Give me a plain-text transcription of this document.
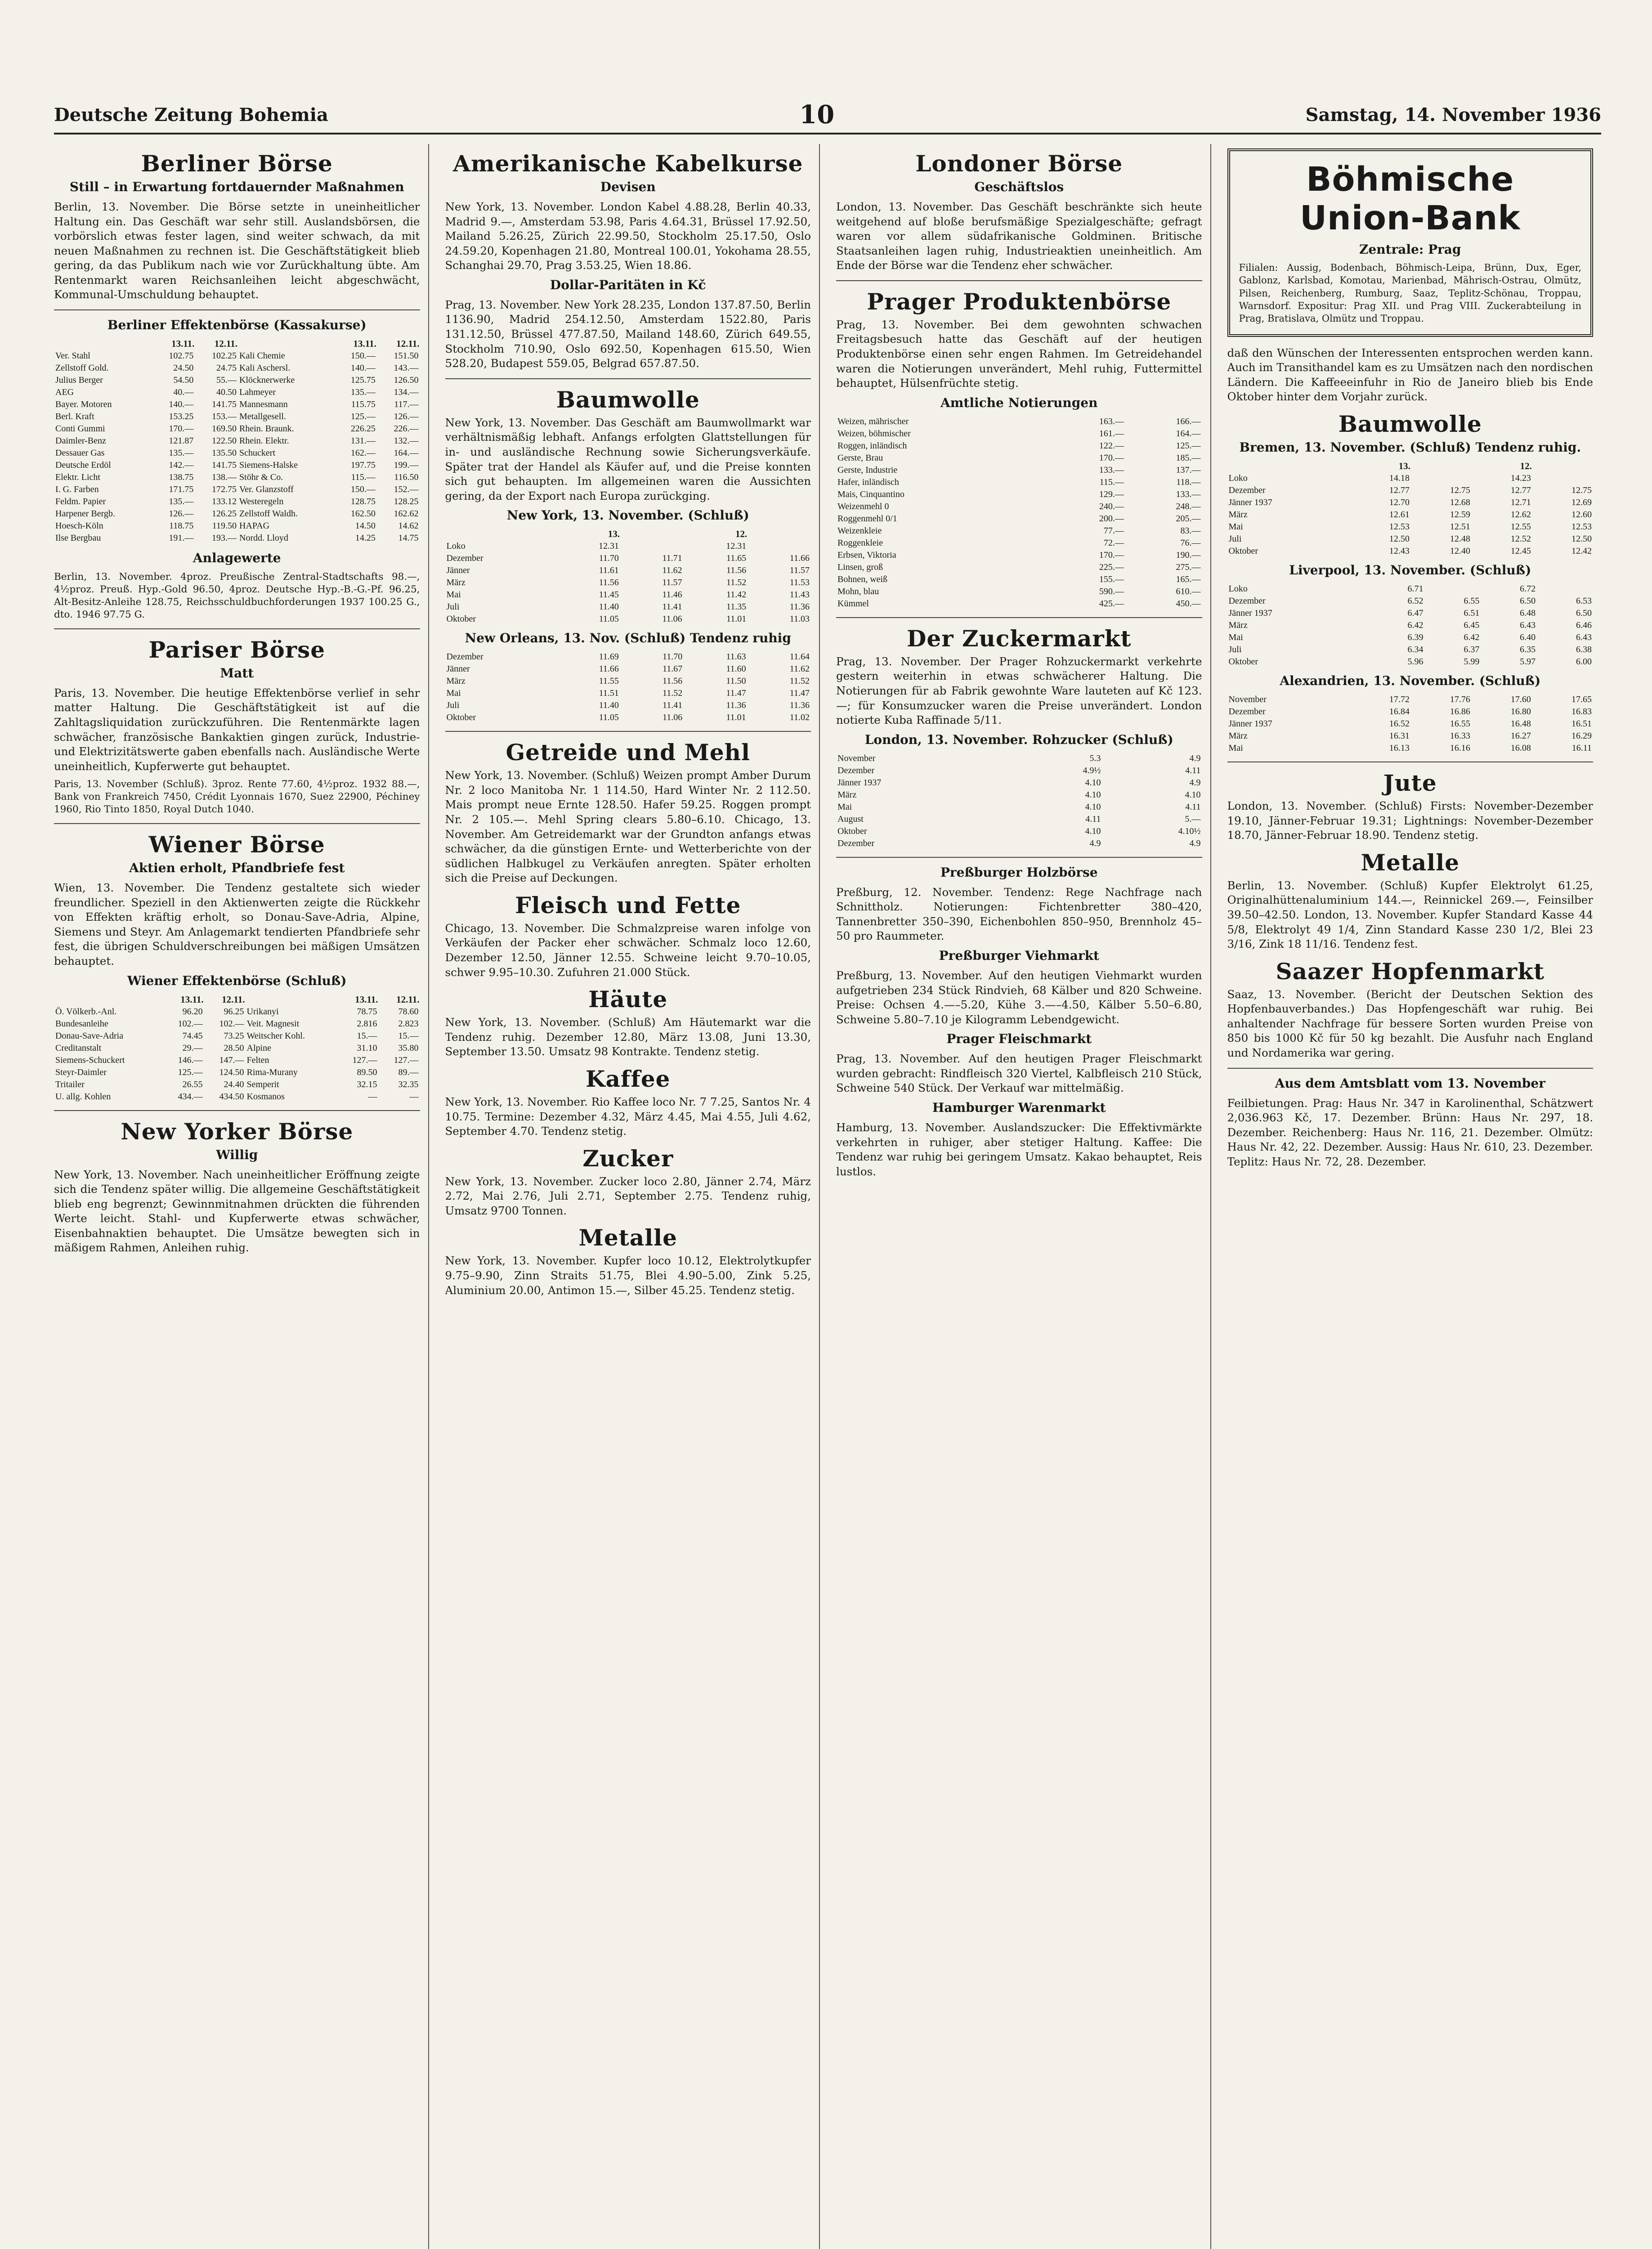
Deutsche Zeitung Bohemia	10	Samstag, 14. November 1936
Berliner Börse
Still – in Erwartung fortdauernder Maßnahmen

Berlin, 13. November. Die Börse setzte in uneinheitlicher Haltung ein. Das Geschäft war sehr still. Auslandsbörsen, die vorbörslich etwas fester lagen, sind weiter schwach, da mit neuen Maßnahmen zu rechnen ist. Die Geschäftstätigkeit blieb gering, da das Publikum nach wie vor Zurückhaltung übte. Am Rentenmarkt waren Reichsanleihen leicht abgeschwächt, Kommunal-Umschuldung behauptet.

Berliner Effektenbörse (Kassakurse)
	13.11.	12.11.		13.11.	12.11.
Ver. Stahl	102.75	102.25	Kali Chemie	150.—	151.50
Zellstoff Gold.	24.50	24.75	Kali Aschersl.	140.—	143.—
Julius Berger	54.50	55.—	Klöcknerwerke	125.75	126.50
AEG	40.—	40.50	Lahmeyer	135.—	134.—
Bayer. Motoren	140.—	141.75	Mannesmann	115.75	117.—
Berl. Kraft	153.25	153.—	Metallgesell.	125.—	126.—
Conti Gummi	170.—	169.50	Rhein. Braunk.	226.25	226.—
Daimler-Benz	121.87	122.50	Rhein. Elektr.	131.—	132.—
Dessauer Gas	135.—	135.50	Schuckert	162.—	164.—
Deutsche Erdöl	142.—	141.75	Siemens-Halske	197.75	199.—
Elektr. Licht	138.75	138.—	Stöhr & Co.	115.—	116.50
I. G. Farben	171.75	172.75	Ver. Glanzstoff	150.—	152.—
Feldm. Papier	135.—	133.12	Westeregeln	128.75	128.25
Harpener Bergb.	126.—	126.25	Zellstoff Waldh.	162.50	162.62
Hoesch-Köln	118.75	119.50	HAPAG	14.50	14.62
Ilse Bergbau	191.—	193.—	Nordd. Lloyd	14.25	14.75
Anlagewerte

Berlin, 13. November. 4proz. Preußische Zentral-Stadtschafts 98.—, 4½proz. Preuß. Hyp.-Gold 96.50, 4proz. Deutsche Hyp.-B.-G.-Pf. 96.25, Alt-Besitz-Anleihe 128.75, Reichsschuldbuchforderungen 1937 100.25 G., dto. 1946 97.75 G.

Pariser Börse
Matt

Paris, 13. November. Die heutige Effektenbörse verlief in sehr matter Haltung. Die Geschäftstätigkeit ist auf die Zahltagsliquidation zurückzuführen. Die Rentenmärkte lagen schwächer, französische Bankaktien gingen zurück, Industrie- und Elektrizitätswerte gaben ebenfalls nach. Ausländische Werte uneinheitlich, Kupferwerte gut behauptet.

Paris, 13. November (Schluß). 3proz. Rente 77.60, 4½proz. 1932 88.—, Bank von Frankreich 7450, Crédit Lyonnais 1670, Suez 22900, Péchiney 1960, Rio Tinto 1850, Royal Dutch 1040.

Wiener Börse
Aktien erholt, Pfandbriefe fest

Wien, 13. November. Die Tendenz gestaltete sich wieder freundlicher. Speziell in den Aktienwerten zeigte die Rückkehr von Effekten kräftig erholt, so Donau-Save-Adria, Alpine, Siemens und Steyr. Am Anlagemarkt tendierten Pfandbriefe sehr fest, die übrigen Schuldverschreibungen bei mäßigen Umsätzen behauptet.

Wiener Effektenbörse (Schluß)
	13.11.	12.11.		13.11.	12.11.
Ö. Völkerb.-Anl.	96.20	96.25	Urikanyi	78.75	78.60
Bundesanleihe	102.—	102.—	Veit. Magnesit	2.816	2.823
Donau-Save-Adria	74.45	73.25	Weitscher Kohl.	15.—	15.—
Creditanstalt	29.—	28.50	Alpine	31.10	35.80
Siemens-Schuckert	146.—	147.—	Felten	127.—	127.—
Steyr-Daimler	125.—	124.50	Rima-Murany	89.50	89.—
Tritailer	26.55	24.40	Semperit	32.15	32.35
U. allg. Kohlen	434.—	434.50	Kosmanos	—	—
New Yorker Börse
Willig

New York, 13. November. Nach uneinheitlicher Eröffnung zeigte sich die Tendenz später willig. Die allgemeine Geschäftstätigkeit blieb eng begrenzt; Gewinnmitnahmen drückten die führenden Werte leicht. Stahl- und Kupferwerte etwas schwächer, Eisenbahnaktien behauptet. Die Umsätze bewegten sich in mäßigem Rahmen, Anleihen ruhig.

Amerikanische Kabelkurse
Devisen

New York, 13. November. London Kabel 4.88.28, Berlin 40.33, Madrid 9.—, Amsterdam 53.98, Paris 4.64.31, Brüssel 17.92.50, Mailand 5.26.25, Zürich 22.99.50, Stockholm 25.17.50, Oslo 24.59.20, Kopenhagen 21.80, Montreal 100.01, Yokohama 28.55, Schanghai 29.70, Prag 3.53.25, Wien 18.86.

Dollar-Paritäten in Kč

Prag, 13. November. New York 28.235, London 137.87.50, Berlin 1136.90, Madrid 254.12.50, Amsterdam 1522.80, Paris 131.12.50, Brüssel 477.87.50, Mailand 148.60, Zürich 649.55, Stockholm 710.90, Oslo 692.50, Kopenhagen 615.50, Wien 528.20, Budapest 559.05, Belgrad 657.87.50.

Baumwolle

New York, 13. November. Das Geschäft am Baumwollmarkt war verhältnismäßig lebhaft. Anfangs erfolgten Glattstellungen für in- und ausländische Rechnung sowie Sicherungsverkäufe. Später trat der Handel als Käufer auf, und die Preise konnten sich gut behaupten. Im allgemeinen waren die Aussichten gering, da der Export nach Europa zurückging.

New York, 13. November. (Schluß)
	13.		12.	
Loko	12.31		12.31	
Dezember	11.70	11.71	11.65	11.66
Jänner	11.61	11.62	11.56	11.57
März	11.56	11.57	11.52	11.53
Mai	11.45	11.46	11.42	11.43
Juli	11.40	11.41	11.35	11.36
Oktober	11.05	11.06	11.01	11.03
New Orleans, 13. Nov. (Schluß) Tendenz ruhig
Dezember	11.69	11.70	11.63	11.64
Jänner	11.66	11.67	11.60	11.62
März	11.55	11.56	11.50	11.52
Mai	11.51	11.52	11.47	11.47
Juli	11.40	11.41	11.36	11.36
Oktober	11.05	11.06	11.01	11.02
Getreide und Mehl

New York, 13. November. (Schluß) Weizen prompt Amber Durum Nr. 2 loco Manitoba Nr. 1 114.50, Hard Winter Nr. 2 112.50. Mais prompt neue Ernte 128.50. Hafer 59.25. Roggen prompt Nr. 2 105.—. Mehl Spring clears 5.80–6.10. Chicago, 13. November. Am Getreidemarkt war der Grundton anfangs etwas schwächer, da die günstigen Ernte- und Wetterberichte von der südlichen Halbkugel zu Verkäufen anregten. Später erholten sich die Preise auf Deckungen.

Fleisch und Fette

Chicago, 13. November. Die Schmalzpreise waren infolge von Verkäufen der Packer eher schwächer. Schmalz loco 12.60, Dezember 12.50, Jänner 12.55. Schweine leicht 9.70–10.05, schwer 9.95–10.30. Zufuhren 21.000 Stück.

Häute

New York, 13. November. (Schluß) Am Häutemarkt war die Tendenz ruhig. Dezember 12.80, März 13.08, Juni 13.30, September 13.50. Umsatz 98 Kontrakte. Tendenz stetig.

Kaffee

New York, 13. November. Rio Kaffee loco Nr. 7 7.25, Santos Nr. 4 10.75. Termine: Dezember 4.32, März 4.45, Mai 4.55, Juli 4.62, September 4.70. Tendenz stetig.

Zucker

New York, 13. November. Zucker loco 2.80, Jänner 2.74, März 2.72, Mai 2.76, Juli 2.71, September 2.75. Tendenz ruhig, Umsatz 9700 Tonnen.

Metalle

New York, 13. November. Kupfer loco 10.12, Elektrolytkupfer 9.75–9.90, Zinn Straits 51.75, Blei 4.90–5.00, Zink 5.25, Aluminium 20.00, Antimon 15.—, Silber 45.25. Tendenz stetig.

Londoner Börse
Geschäftslos

London, 13. November. Das Geschäft beschränkte sich heute weitgehend auf bloße berufsmäßige Spezialgeschäfte; gefragt waren vor allem südafrikanische Goldminen. Britische Staatsanleihen lagen ruhig, Industrieaktien uneinheitlich. Am Ende der Börse war die Tendenz eher schwächer.

Prager Produktenbörse

Prag, 13. November. Bei dem gewohnten schwachen Freitagsbesuch hatte das Geschäft auf der heutigen Produktenbörse einen sehr engen Rahmen. Im Getreidehandel waren die Notierungen unverändert, Mehl ruhig, Futtermittel behauptet, Hülsenfrüchte stetig.

Amtliche Notierungen
Weizen, mährischer	163.—	166.—
Weizen, böhmischer	161.—	164.—
Roggen, inländisch	122.—	125.—
Gerste, Brau	170.—	185.—
Gerste, Industrie	133.—	137.—
Hafer, inländisch	115.—	118.—
Mais, Cinquantino	129.—	133.—
Weizenmehl 0	240.—	248.—
Roggenmehl 0/1	200.—	205.—
Weizenkleie	77.—	83.—
Roggenkleie	72.—	76.—
Erbsen, Viktoria	170.—	190.—
Linsen, groß	225.—	275.—
Bohnen, weiß	155.—	165.—
Mohn, blau	590.—	610.—
Kümmel	425.—	450.—
Der Zuckermarkt

Prag, 13. November. Der Prager Rohzuckermarkt verkehrte gestern weiterhin in etwas schwächerer Haltung. Die Notierungen für ab Fabrik gewohnte Ware lauteten auf Kč 123.—; für Konsumzucker waren die Preise unverändert. London notierte Kuba Raffinade 5/11.

London, 13. November. Rohzucker (Schluß)
November	5.3	4.9
Dezember	4.9½	4.11
Jänner 1937	4.10	4.9
März	4.10	4.10
Mai	4.10	4.11
August	4.11	5.—
Oktober	4.10	4.10½
Dezember	4.9	4.9
Preßburger Holzbörse

Preßburg, 12. November. Tendenz: Rege Nachfrage nach Schnittholz. Notierungen: Fichtenbretter 380–420, Tannenbretter 350–390, Eichenbohlen 850–950, Brennholz 45–50 pro Raummeter.

Preßburger Viehmarkt

Preßburg, 13. November. Auf den heutigen Viehmarkt wurden aufgetrieben 234 Stück Rindvieh, 68 Kälber und 820 Schweine. Preise: Ochsen 4.—–5.20, Kühe 3.—–4.50, Kälber 5.50–6.80, Schweine 5.80–7.10 je Kilogramm Lebendgewicht.

Prager Fleischmarkt

Prag, 13. November. Auf den heutigen Prager Fleischmarkt wurden gebracht: Rindfleisch 320 Viertel, Kalbfleisch 210 Stück, Schweine 540 Stück. Der Verkauf war mittelmäßig.

Hamburger Warenmarkt

Hamburg, 13. November. Auslandszucker: Die Effektivmärkte verkehrten in ruhiger, aber stetiger Haltung. Kaffee: Die Tendenz war ruhig bei geringem Umsatz. Kakao behauptet, Reis lustlos.

Böhmische Union-Bank
Zentrale: Prag
Filialen: Aussig, Bodenbach, Böhmisch-Leipa, Brünn, Dux, Eger, Gablonz, Karlsbad, Komotau, Marienbad, Mährisch-Ostrau, Olmütz, Pilsen, Reichenberg, Rumburg, Saaz, Teplitz-Schönau, Troppau, Warnsdorf. Expositur: Prag XII. und Prag VIII. Zuckerabteilung in Prag, Bratislava, Olmütz und Troppau.

daß den Wünschen der Interessenten entsprochen werden kann. Auch im Transithandel kam es zu Umsätzen nach den nordischen Ländern. Die Kaffeeeinfuhr in Rio de Janeiro blieb bis Ende Oktober hinter dem Vorjahr zurück.

Baumwolle
Bremen, 13. November. (Schluß) Tendenz ruhig.
	13.		12.	
Loko	14.18		14.23	
Dezember	12.77	12.75	12.77	12.75
Jänner 1937	12.70	12.68	12.71	12.69
März	12.61	12.59	12.62	12.60
Mai	12.53	12.51	12.55	12.53
Juli	12.50	12.48	12.52	12.50
Oktober	12.43	12.40	12.45	12.42
Liverpool, 13. November. (Schluß)
Loko	6.71		6.72	
Dezember	6.52	6.55	6.50	6.53
Jänner 1937	6.47	6.51	6.48	6.50
März	6.42	6.45	6.43	6.46
Mai	6.39	6.42	6.40	6.43
Juli	6.34	6.37	6.35	6.38
Oktober	5.96	5.99	5.97	6.00
Alexandrien, 13. November. (Schluß)
November	17.72	17.76	17.60	17.65
Dezember	16.84	16.86	16.80	16.83
Jänner 1937	16.52	16.55	16.48	16.51
März	16.31	16.33	16.27	16.29
Mai	16.13	16.16	16.08	16.11
Jute

London, 13. November. (Schluß) Firsts: November-Dezember 19.10, Jänner-Februar 19.31; Lightnings: November-Dezember 18.70, Jänner-Februar 18.90. Tendenz stetig.

Metalle

Berlin, 13. November. (Schluß) Kupfer Elektrolyt 61.25, Originalhüttenaluminium 144.—, Reinnickel 269.—, Feinsilber 39.50–42.50. London, 13. November. Kupfer Standard Kasse 44 5/8, Elektrolyt 49 1/4, Zinn Standard Kasse 230 1/2, Blei 23 3/16, Zink 18 11/16. Tendenz fest.

Saazer Hopfenmarkt

Saaz, 13. November. (Bericht der Deutschen Sektion des Hopfenbauverbandes.) Das Hopfengeschäft war ruhig. Bei anhaltender Nachfrage für bessere Sorten wurden Preise von 850 bis 1000 Kč für 50 kg bezahlt. Die Ausfuhr nach England und Nordamerika war gering.

Aus dem Amtsblatt vom 13. November

Feilbietungen. Prag: Haus Nr. 347 in Karolinenthal, Schätzwert 2,036.963 Kč, 17. Dezember. Brünn: Haus Nr. 297, 18. Dezember. Reichenberg: Haus Nr. 116, 21. Dezember. Olmütz: Haus Nr. 42, 22. Dezember. Aussig: Haus Nr. 610, 23. Dezember. Teplitz: Haus Nr. 72, 28. Dezember.
